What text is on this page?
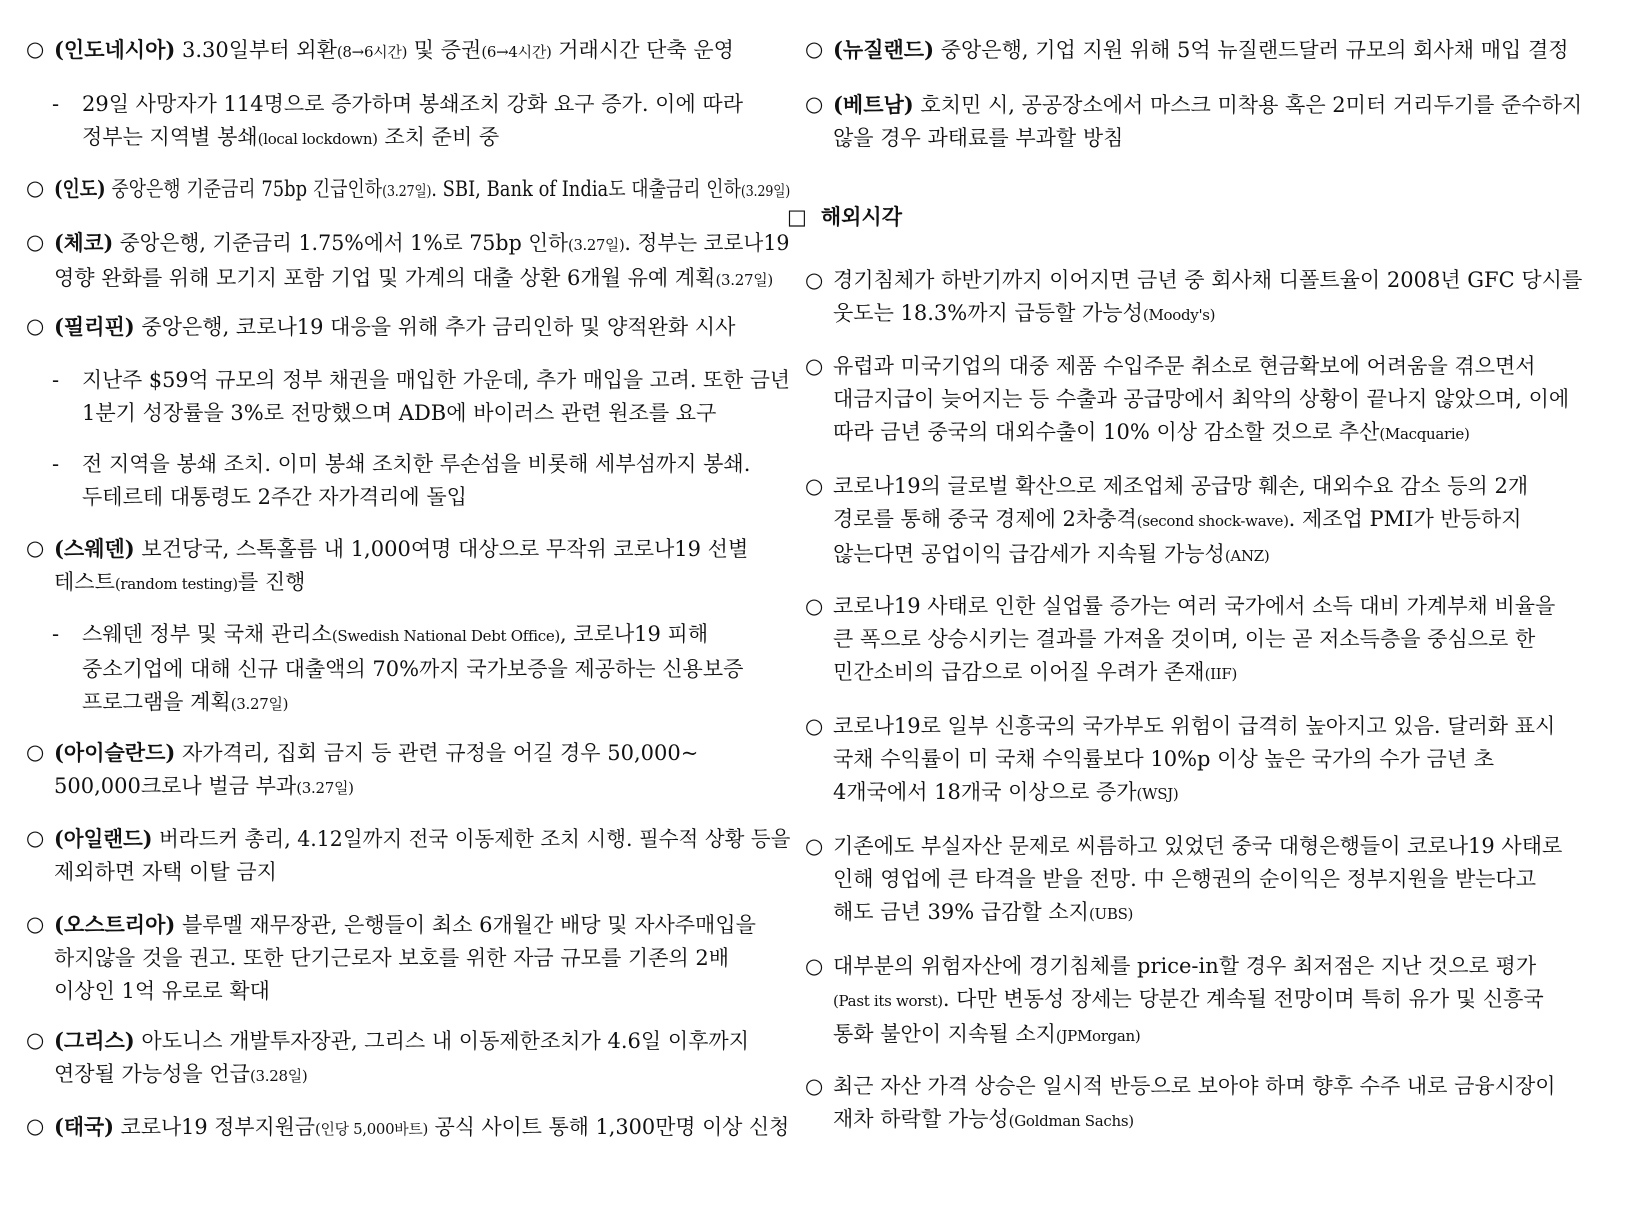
○ (인도네시아) 3.30일부터 외환(8→6시간) 및 증권(6→4시간) 거래시간 단축 운영
- 29일 사망자가 114명으로 증가하며 봉쇄조치 강화 요구 증가. 이에 따라
정부는 지역별 봉쇄(local lockdown) 조치 준비 중
○ (인도) 중앙은행 기준금리 75bp 긴급인하(3.27일). SBI, Bank of India도 대출금리 인하(3.29일)
○ (체코) 중앙은행, 기준금리 1.75%에서 1%로 75bp 인하(3.27일). 정부는 코로나19
영향 완화를 위해 모기지 포함 기업 및 가계의 대출 상환 6개월 유예 계획(3.27일)
○ (필리핀) 중앙은행, 코로나19 대응을 위해 추가 금리인하 및 양적완화 시사
- 지난주 $59억 규모의 정부 채권을 매입한 가운데, 추가 매입을 고려. 또한 금년
1분기 성장률을 3%로 전망했으며 ADB에 바이러스 관련 원조를 요구
- 전 지역을 봉쇄 조치. 이미 봉쇄 조치한 루손섬을 비롯해 세부섬까지 봉쇄.
두테르테 대통령도 2주간 자가격리에 돌입
○ (스웨덴) 보건당국, 스톡홀름 내 1,000여명 대상으로 무작위 코로나19 선별
테스트(random testing)를 진행
- 스웨덴 정부 및 국채 관리소(Swedish National Debt Office), 코로나19 피해
중소기업에 대해 신규 대출액의 70%까지 국가보증을 제공하는 신용보증
프로그램을 계획(3.27일)
○ (아이슬란드) 자가격리, 집회 금지 등 관련 규정을 어길 경우 50,000~
500,000크로나 벌금 부과(3.27일)
○ (아일랜드) 버라드커 총리, 4.12일까지 전국 이동제한 조치 시행. 필수적 상황 등을
제외하면 자택 이탈 금지
○ (오스트리아) 블루멜 재무장관, 은행들이 최소 6개월간 배당 및 자사주매입을
하지않을 것을 권고. 또한 단기근로자 보호를 위한 자금 규모를 기존의 2배
이상인 1억 유로로 확대
○ (그리스) 아도니스 개발투자장관, 그리스 내 이동제한조치가 4.6일 이후까지
연장될 가능성을 언급(3.28일)
○ (태국) 코로나19 정부지원금(인당 5,000바트) 공식 사이트 통해 1,300만명 이상 신청
○ (뉴질랜드) 중앙은행, 기업 지원 위해 5억 뉴질랜드달러 규모의 회사채 매입 결정
○ (베트남) 호치민 시, 공공장소에서 마스크 미착용 혹은 2미터 거리두기를 준수하지
않을 경우 과태료를 부과할 방침
□ 해외시각
○ 경기침체가 하반기까지 이어지면 금년 중 회사채 디폴트율이 2008년 GFC 당시를
웃도는 18.3%까지 급등할 가능성(Moody's)
○ 유럽과 미국기업의 대중 제품 수입주문 취소로 현금확보에 어려움을 겪으면서
대금지급이 늦어지는 등 수출과 공급망에서 최악의 상황이 끝나지 않았으며, 이에
따라 금년 중국의 대외수출이 10% 이상 감소할 것으로 추산(Macquarie)
○ 코로나19의 글로벌 확산으로 제조업체 공급망 훼손, 대외수요 감소 등의 2개
경로를 통해 중국 경제에 2차충격(second shock-wave). 제조업 PMI가 반등하지
않는다면 공업이익 급감세가 지속될 가능성(ANZ)
○ 코로나19 사태로 인한 실업률 증가는 여러 국가에서 소득 대비 가계부채 비율을
큰 폭으로 상승시키는 결과를 가져올 것이며, 이는 곧 저소득층을 중심으로 한
민간소비의 급감으로 이어질 우려가 존재(IIF)
○ 코로나19로 일부 신흥국의 국가부도 위험이 급격히 높아지고 있음. 달러화 표시
국채 수익률이 미 국채 수익률보다 10%p 이상 높은 국가의 수가 금년 초
4개국에서 18개국 이상으로 증가(WSJ)
○ 기존에도 부실자산 문제로 씨름하고 있었던 중국 대형은행들이 코로나19 사태로
인해 영업에 큰 타격을 받을 전망. 中 은행권의 순이익은 정부지원을 받는다고
해도 금년 39% 급감할 소지(UBS)
○ 대부분의 위험자산에 경기침체를 price-in할 경우 최저점은 지난 것으로 평가
(Past its worst). 다만 변동성 장세는 당분간 계속될 전망이며 특히 유가 및 신흥국
통화 불안이 지속될 소지(JPMorgan)
○ 최근 자산 가격 상승은 일시적 반등으로 보아야 하며 향후 수주 내로 금융시장이
재차 하락할 가능성(Goldman Sachs)
